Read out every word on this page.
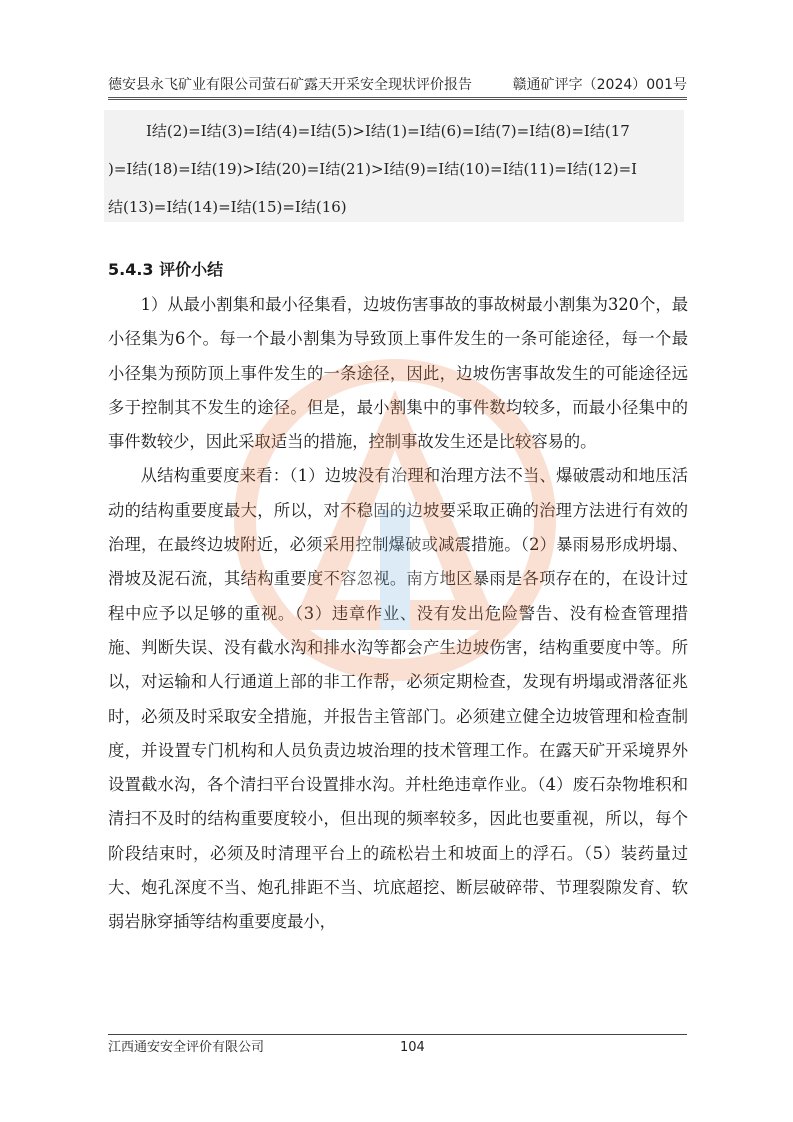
德安县永飞矿业有限公司萤石矿露天开采安全现状评价报告	赣通矿评字（2024）001号
I结(2)=I结(3)=I结(4)=I结(5)>I结(1)=I结(6)=I结(7)=I结(8)=I结(17
)=I结(18)=I结(19)>I结(20)=I结(21)>I结(9)=I结(10)=I结(11)=I结(12)=I
结(13)=I结(14)=I结(15)=I结(16)
5.4.3 评价小结

1）从最小割集和最小径集看，边坡伤害事故的事故树最小割集为320个，最小径集为6个。每一个最小割集为导致顶上事件发生的一条可能途径，每一个最小径集为预防顶上事件发生的一条途径，因此，边坡伤害事故发生的可能途径远多于控制其不发生的途径。但是，最小割集中的事件数均较多，而最小径集中的事件数较少，因此采取适当的措施，控制事故发生还是比较容易的。

从结构重要度来看：（1）边坡没有治理和治理方法不当、爆破震动和地压活动的结构重要度最大，所以，对不稳固的边坡要采取正确的治理方法进行有效的治理，在最终边坡附近，必须采用控制爆破或减震措施。（2）暴雨易形成坍塌、滑坡及泥石流，其结构重要度不容忽视。南方地区暴雨是各项存在的，在设计过程中应予以足够的重视。（3）违章作业、没有发出危险警告、没有检查管理措施、判断失误、没有截水沟和排水沟等都会产生边坡伤害，结构重要度中等。所以，对运输和人行通道上部的非工作帮，必须定期检查，发现有坍塌或滑落征兆时，必须及时采取安全措施，并报告主管部门。必须建立健全边坡管理和检查制度，并设置专门机构和人员负责边坡治理的技术管理工作。在露天矿开采境界外设置截水沟，各个清扫平台设置排水沟。并杜绝违章作业。（4）废石杂物堆积和清扫不及时的结构重要度较小，但出现的频率较多，因此也要重视，所以，每个阶段结束时，必须及时清理平台上的疏松岩土和坡面上的浮石。（5）装药量过大、炮孔深度不当、炮孔排距不当、坑底超挖、断层破碎带、节理裂隙发育、软弱岩脉穿插等结构重要度最小，

江西通安安全评价有限公司	104
